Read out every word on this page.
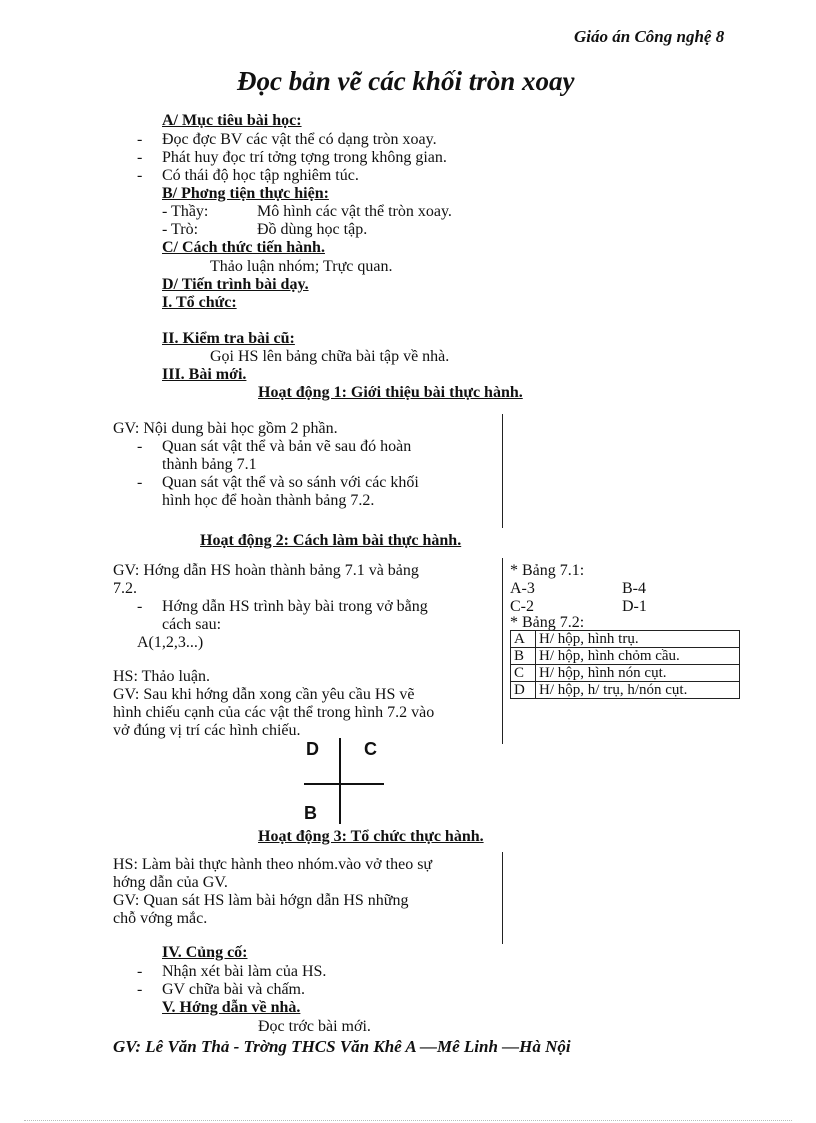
Giáo án Công nghệ 8
Đọc bản vẽ các khối tròn xoay
A/ Mục tiêu bài học:
- Đọc đợc BV các vật thể có dạng tròn xoay.
- Phát huy đọc trí tởng tợng trong không gian.
- Có thái độ học tập nghiêm túc.
B/ Phơng tiện thực hiện:
- Thầy:	Mô hình các vật thể tròn xoay.
- Trò:	Đồ dùng học tập.
C/ Cách thức tiến hành.
Thảo luận nhóm; Trực quan.
D/ Tiến trình bài dạy.
I. Tổ chức:
II. Kiểm tra bài cũ:
Gọi HS lên bảng chữa bài tập về nhà.
III. Bài mới.
Hoạt động 1: Giới thiệu bài thực hành.
GV: Nội dung bài học gồm 2 phần.
- Quan sát vật thể và bản vẽ sau đó hoàn
thành bảng 7.1
- Quan sát vật thể và so sánh với các khối
hình học để hoàn thành bảng 7.2.
Hoạt động 2: Cách làm bài thực hành.
GV: Hớng dẫn HS hoàn thành bảng 7.1 và bảng
7.2.
- Hớng dẫn HS trình bày bài trong vở bằng
cách sau:
A(1,2,3...)
HS: Thảo luận.
GV: Sau khi hớng dẫn xong cần yêu cầu HS vẽ
hình chiếu cạnh của các vật thể trong hình 7.2 vào
vở đúng vị trí các hình chiếu.
* Bảng 7.1:
A-3	B-4
C-2	D-1
* Bảng 7.2:
A	H/ hộp, hình trụ.
B	H/ hộp, hình chỏm cầu.
C	H/ hộp, hình nón cụt.
D	H/ hộp, h/ trụ, h/nón cụt.
D	C
B
Hoạt động 3: Tổ chức thực hành.
HS: Làm bài thực hành theo nhóm.vào vở theo sự
hớng dẫn của GV.
GV: Quan sát HS làm bài hớgn dẫn HS những
chỗ vớng mắc.
IV. Củng cố:
- Nhận xét bài làm của HS.
- GV chữa bài và chấm.
V. Hớng dẫn về nhà.
Đọc trớc bài mới.
GV: Lê Văn Thả - Trờng THCS Văn Khê A —Mê Linh —Hà Nội
